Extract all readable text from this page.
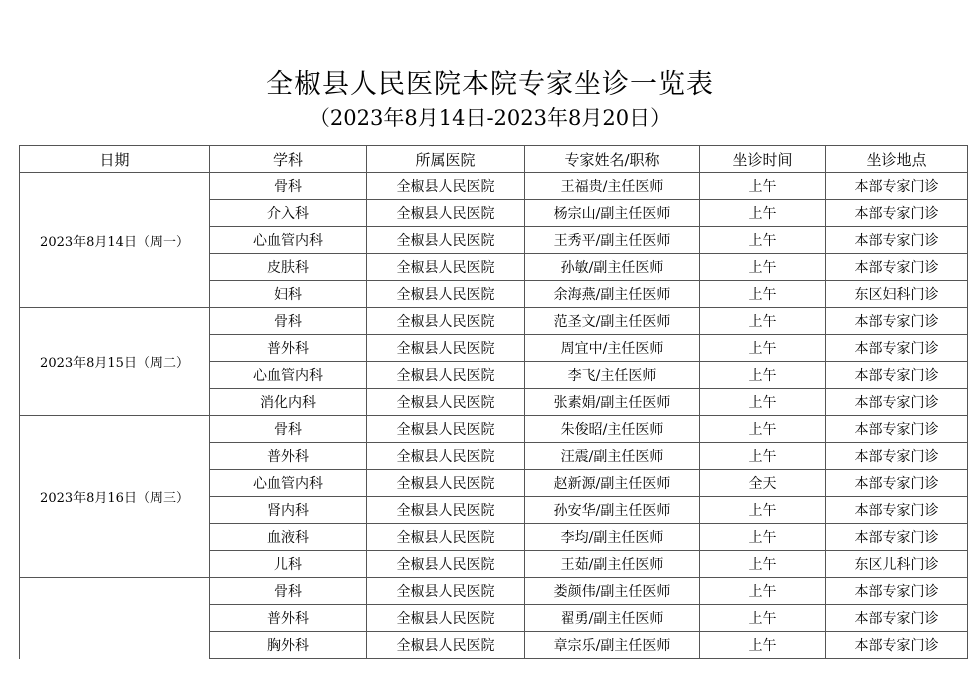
全椒县人民医院本院专家坐诊一览表
（2023年8月14日-2023年8月20日）
日期	学科	所属医院	专家姓名/职称	坐诊时间	坐诊地点
2023年8月14日（周一）	骨科	全椒县人民医院	王福贵/主任医师	上午	本部专家门诊
	介入科	全椒县人民医院	杨宗山/副主任医师	上午	本部专家门诊
	心血管内科	全椒县人民医院	王秀平/副主任医师	上午	本部专家门诊
	皮肤科	全椒县人民医院	孙敏/副主任医师	上午	本部专家门诊
	妇科	全椒县人民医院	余海燕/副主任医师	上午	东区妇科门诊
2023年8月15日（周二）	骨科	全椒县人民医院	范圣文/副主任医师	上午	本部专家门诊
	普外科	全椒县人民医院	周宜中/主任医师	上午	本部专家门诊
	心血管内科	全椒县人民医院	李飞/主任医师	上午	本部专家门诊
	消化内科	全椒县人民医院	张素娟/副主任医师	上午	本部专家门诊
2023年8月16日（周三）	骨科	全椒县人民医院	朱俊昭/主任医师	上午	本部专家门诊
	普外科	全椒县人民医院	汪震/副主任医师	上午	本部专家门诊
	心血管内科	全椒县人民医院	赵新源/副主任医师	全天	本部专家门诊
	肾内科	全椒县人民医院	孙安华/副主任医师	上午	本部专家门诊
	血液科	全椒县人民医院	李均/副主任医师	上午	本部专家门诊
	儿科	全椒县人民医院	王茹/副主任医师	上午	东区儿科门诊
	骨科	全椒县人民医院	娄颜伟/副主任医师	上午	本部专家门诊
	普外科	全椒县人民医院	翟勇/副主任医师	上午	本部专家门诊
	胸外科	全椒县人民医院	章宗乐/副主任医师	上午	本部专家门诊
